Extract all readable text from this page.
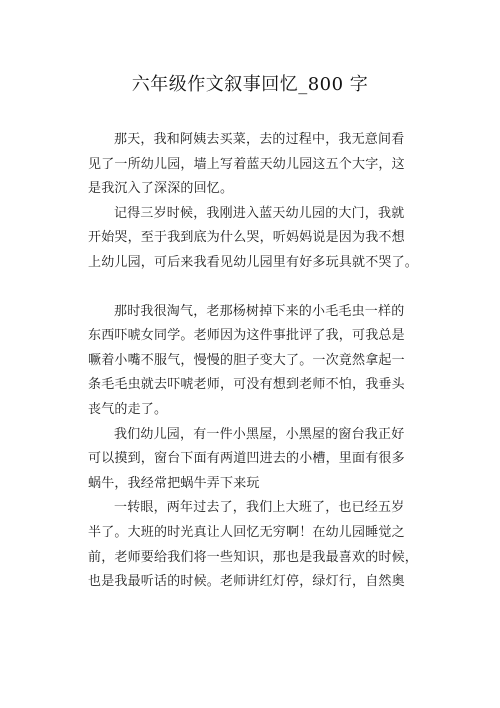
六年级作文叙事回忆_800 字

那天，我和阿姨去买菜，去的过程中，我无意间看
见了一所幼儿园，墙上写着蓝天幼儿园这五个大字，这
是我沉入了深深的回忆。

记得三岁时候，我刚进入蓝天幼儿园的大门，我就
开始哭，至于我到底为什么哭，听妈妈说是因为我不想
上幼儿园，可后来我看见幼儿园里有好多玩具就不哭了。

那时我很淘气，老那杨树掉下来的小毛毛虫一样的
东西吓唬女同学。老师因为这件事批评了我，可我总是
噘着小嘴不服气，慢慢的胆子变大了。一次竟然拿起一
条毛毛虫就去吓唬老师，可没有想到老师不怕，我垂头
丧气的走了。

我们幼儿园，有一件小黑屋，小黑屋的窗台我正好
可以摸到，窗台下面有两道凹进去的小槽，里面有很多
蜗牛，我经常把蜗牛弄下来玩

一转眼，两年过去了，我们上大班了，也已经五岁
半了。大班的时光真让人回忆无穷啊！在幼儿园睡觉之
前，老师要给我们将一些知识，那也是我最喜欢的时候，
也是我最听话的时候。老师讲红灯停，绿灯行，自然奥
